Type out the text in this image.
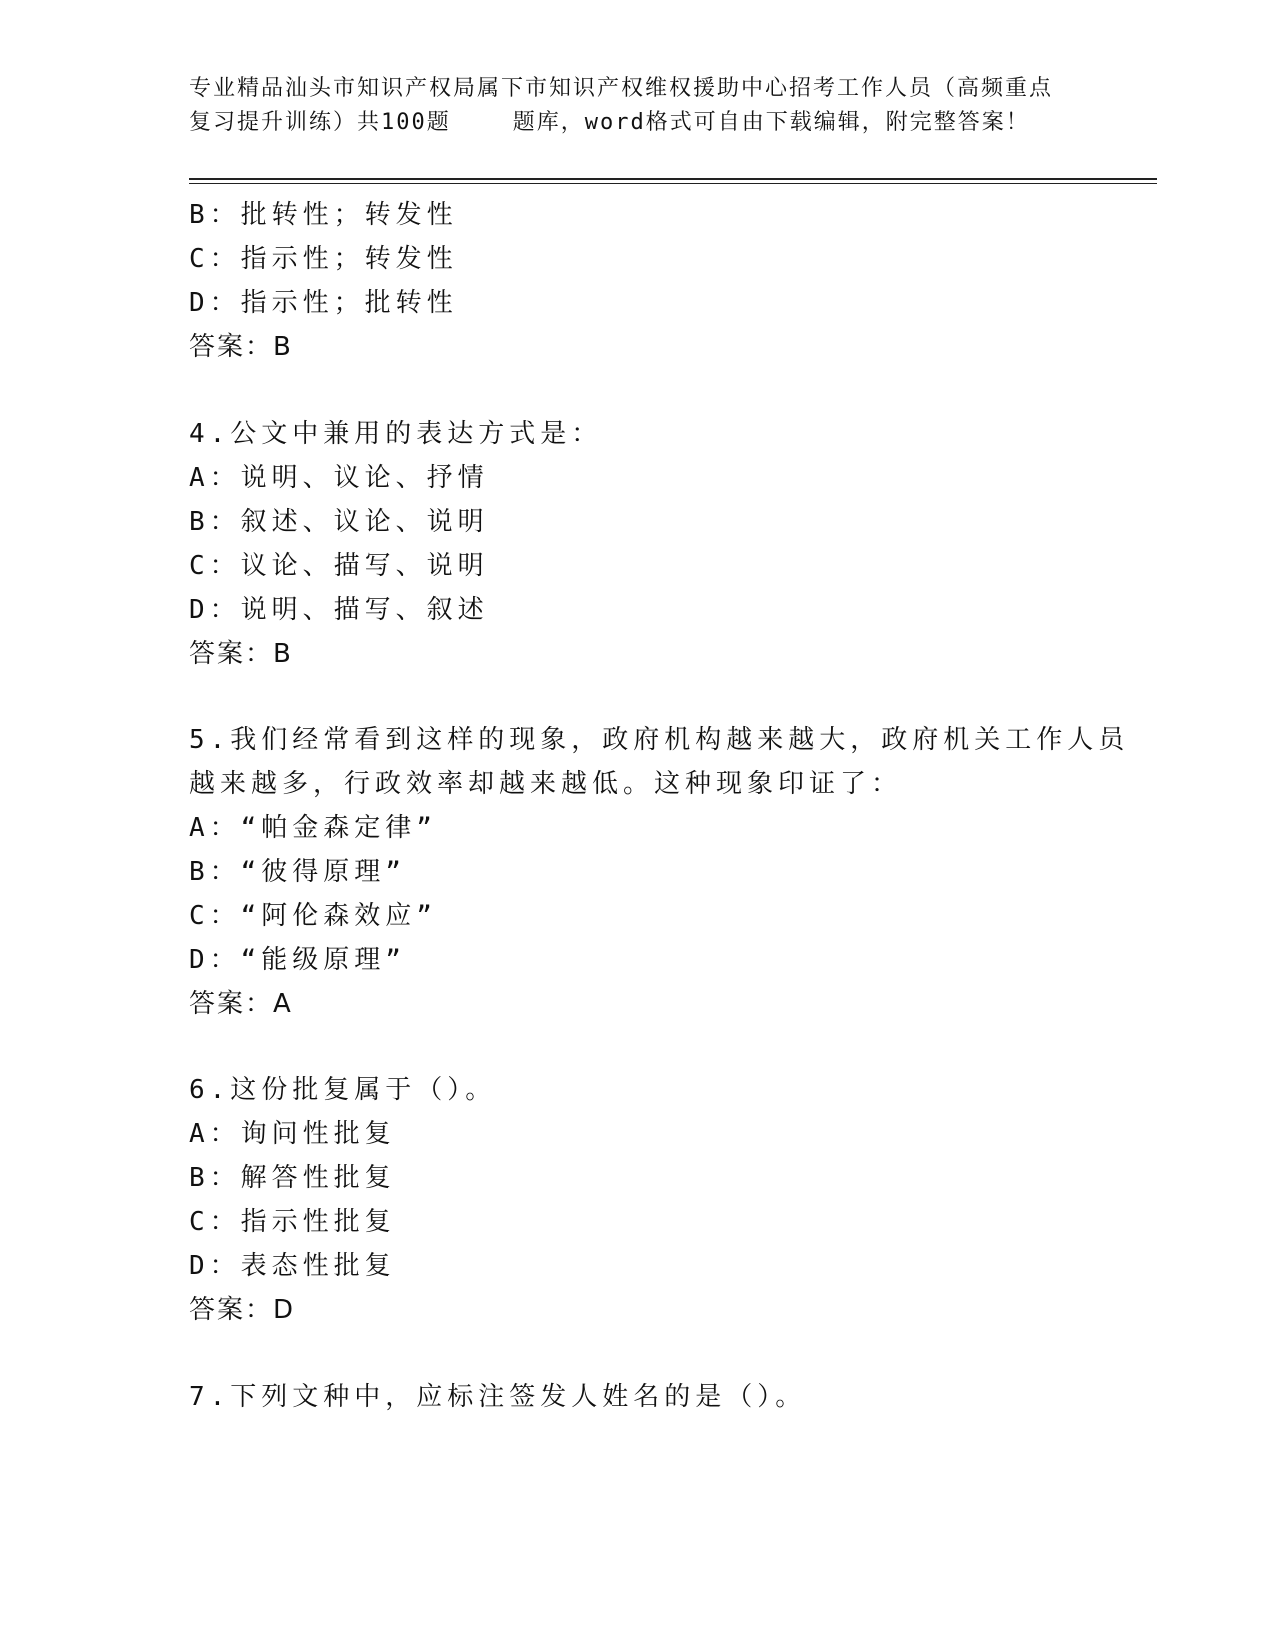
专业精品汕头市知识产权局属下市知识产权维权援助中心招考工作人员（高频重点
复习提升训练）共100题	题库，word格式可自由下载编辑，附完整答案！
B：批转性；转发性
C：指示性；转发性
D：指示性；批转性
答案：B
4.公文中兼用的表达方式是：
A：说明、议论、抒情
B：叙述、议论、说明
C：议论、描写、说明
D：说明、描写、叙述
答案：B
5.我们经常看到这样的现象，政府机构越来越大，政府机关工作人员
越来越多，行政效率却越来越低。这种现象印证了：
A：“帕金森定律”
B：“彼得原理”
C：“阿伦森效应”
D：“能级原理”
答案：A
6.这份批复属于（）。
A：询问性批复
B：解答性批复
C：指示性批复
D：表态性批复
答案：D
7.下列文种中，应标注签发人姓名的是（）。
